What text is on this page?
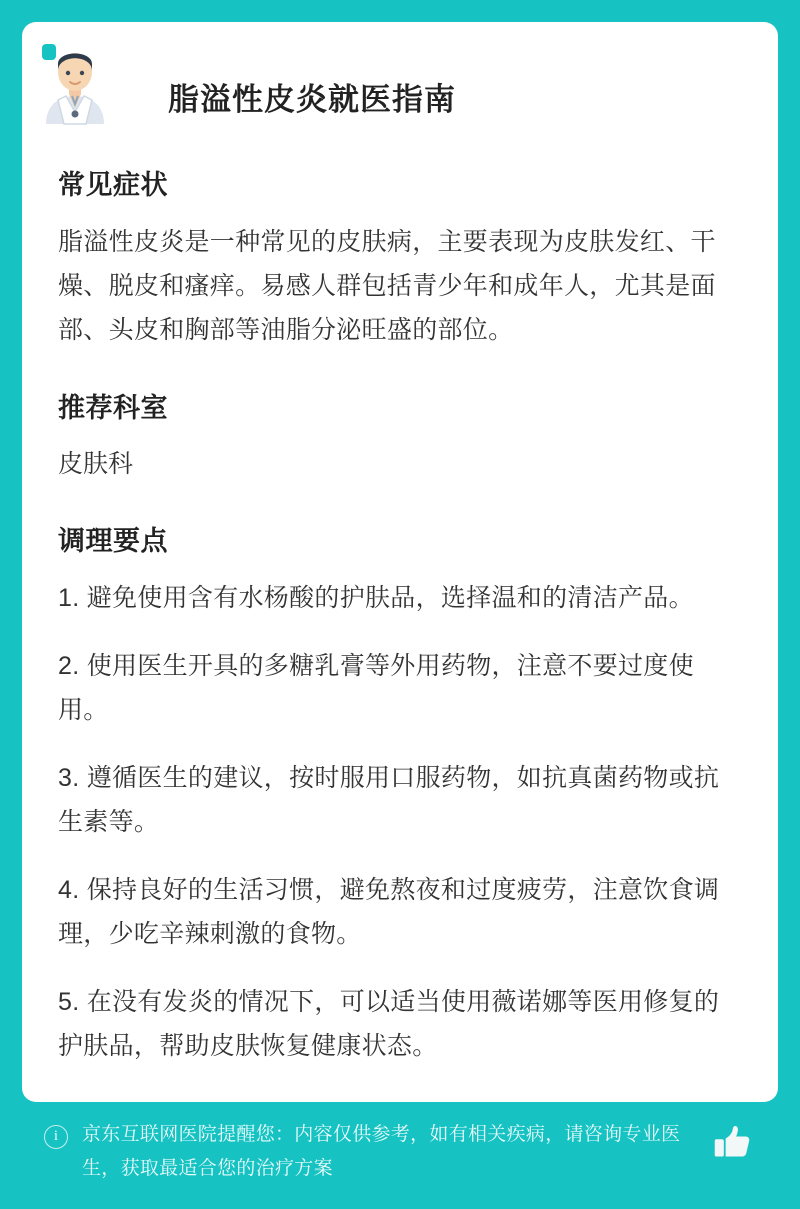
脂溢性皮炎就医指南
常见症状

脂溢性皮炎是一种常见的皮肤病，主要表现为皮肤发红、干燥、脱皮和瘙痒。易感人群包括青少年和成年人，尤其是面部、头皮和胸部等油脂分泌旺盛的部位。

推荐科室

皮肤科

调理要点

1. 避免使用含有水杨酸的护肤品，选择温和的清洁产品。

2. 使用医生开具的多糖乳膏等外用药物，注意不要过度使用。

3. 遵循医生的建议，按时服用口服药物，如抗真菌药物或抗生素等。

4. 保持良好的生活习惯，避免熬夜和过度疲劳，注意饮食调理，少吃辛辣刺激的食物。

5. 在没有发炎的情况下，可以适当使用薇诺娜等医用修复的护肤品，帮助皮肤恢复健康状态。

i	京东互联网医院提醒您：内容仅供参考，如有相关疾病，请咨询专业医生，获取最适合您的治疗方案
